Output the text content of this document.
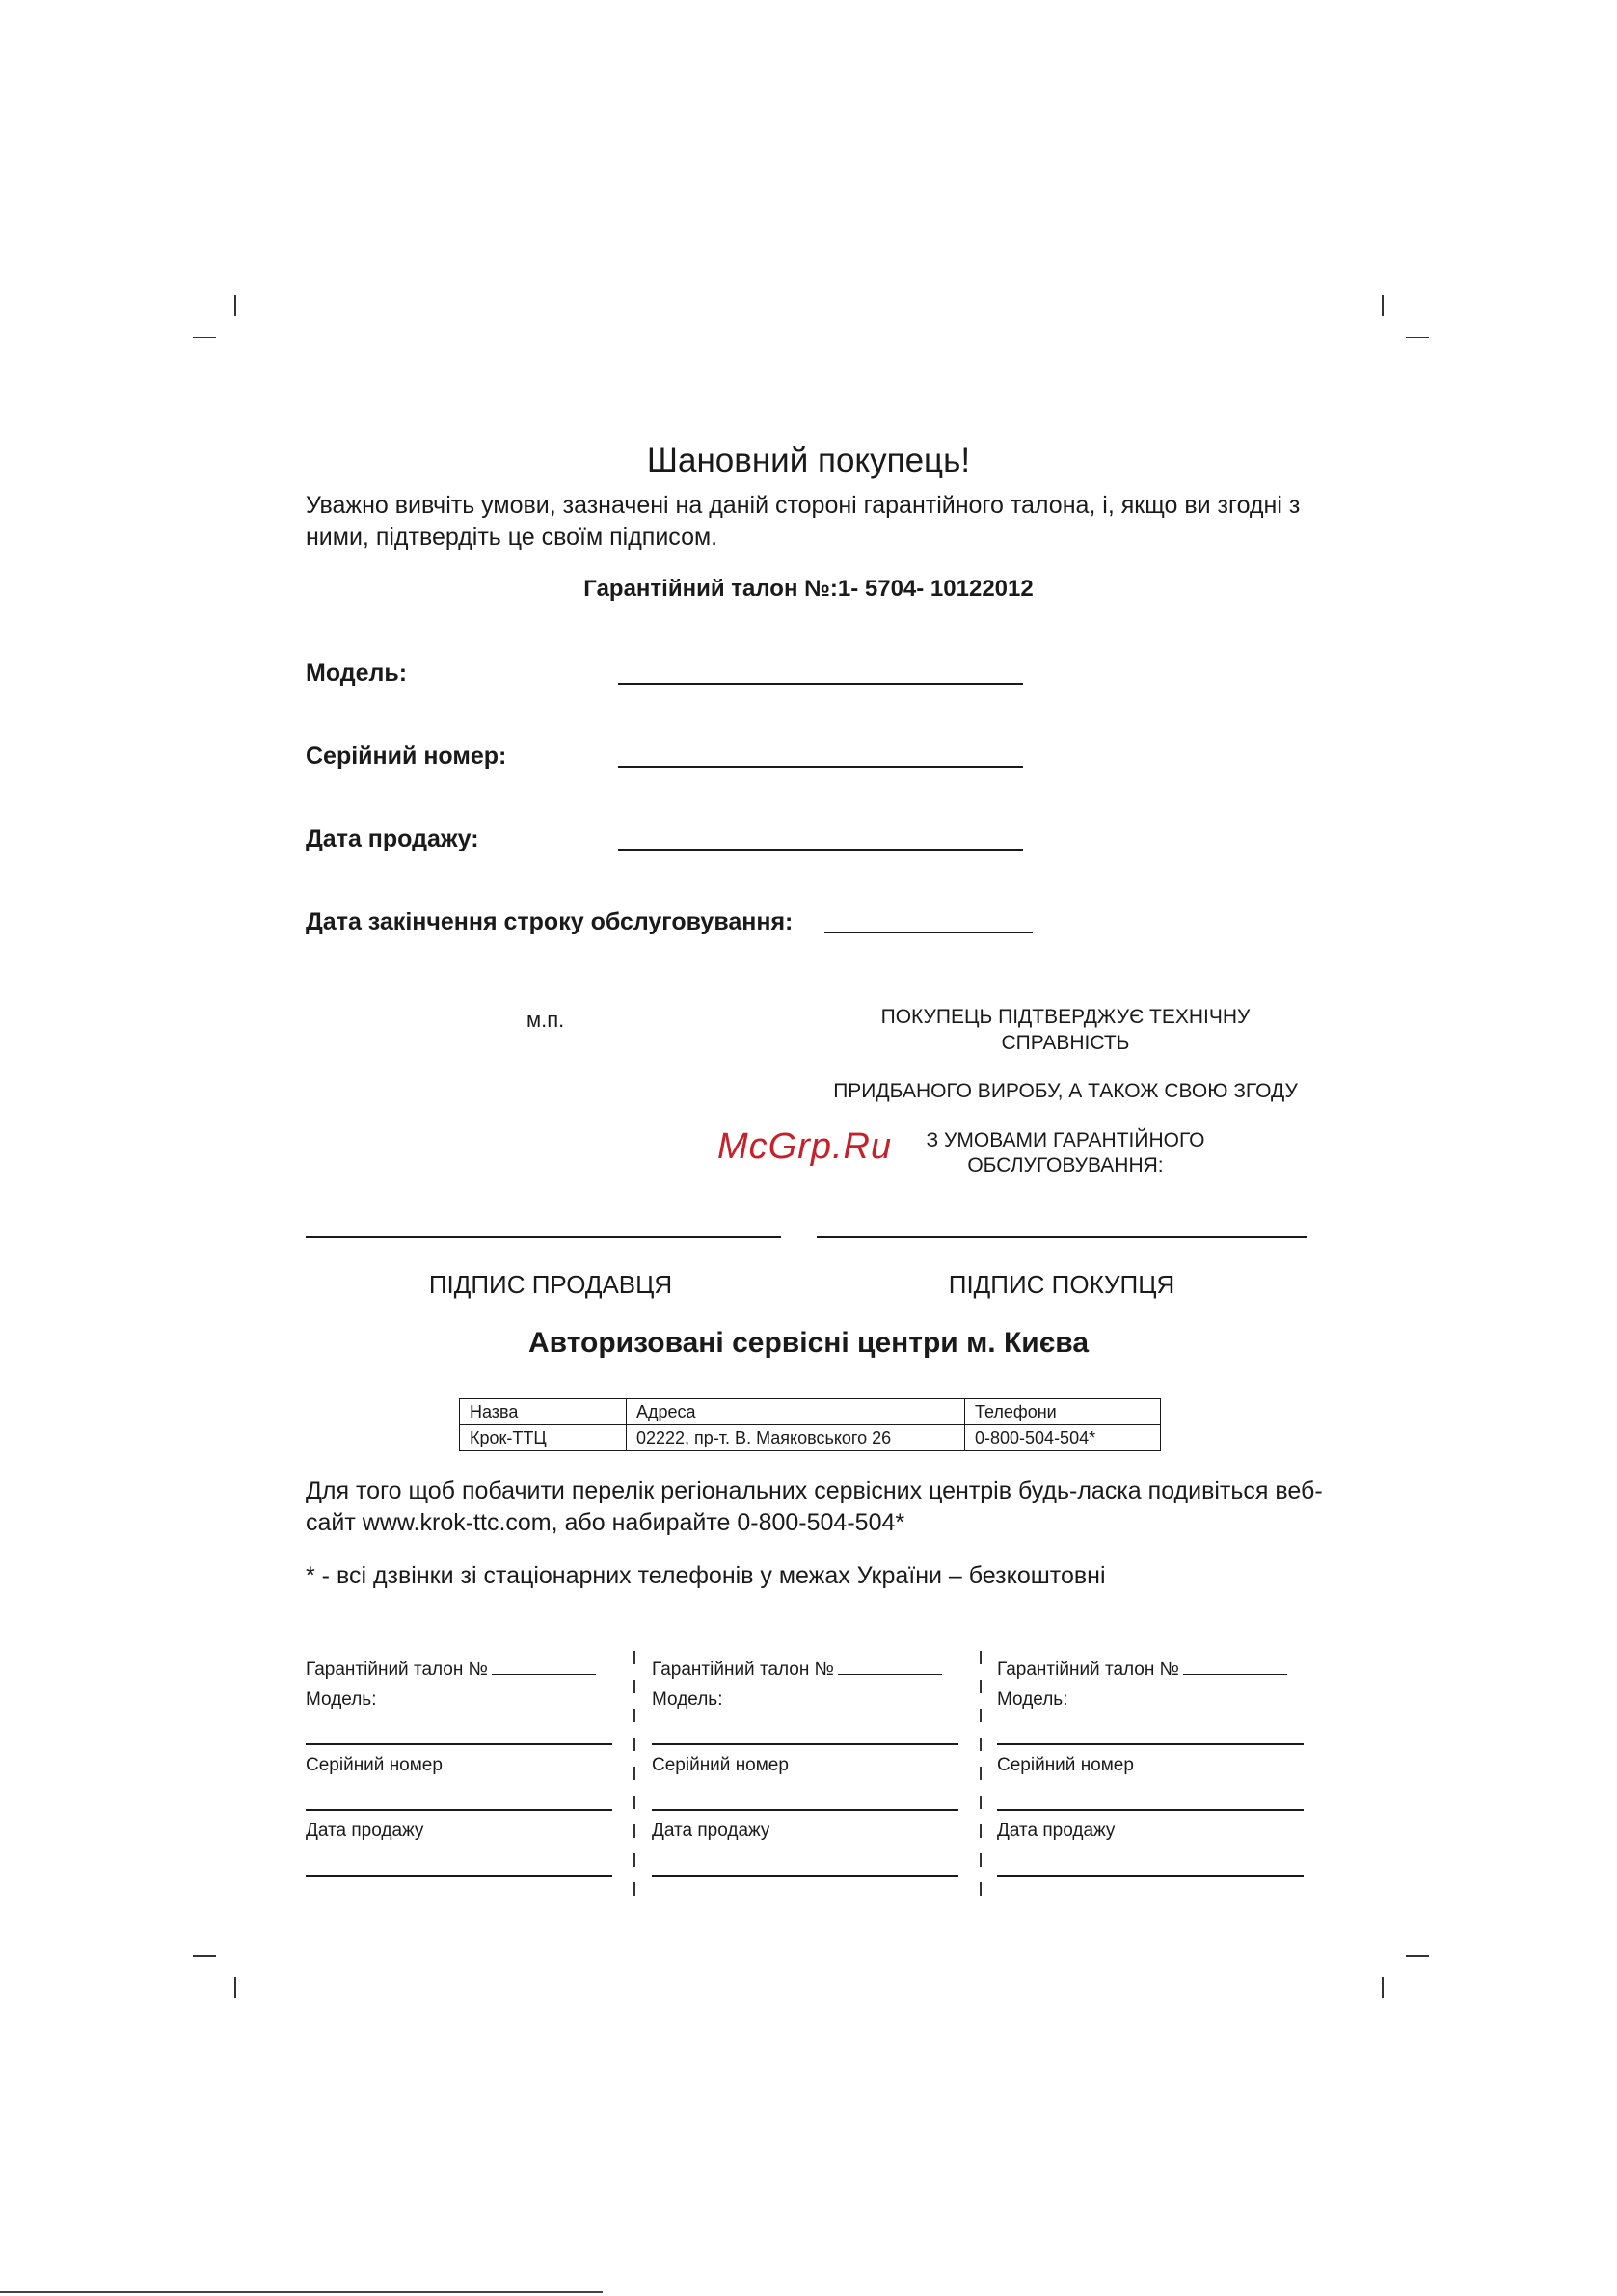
Шановний покупець!
Уважно вивчіть умови, зазначені на даній стороні гарантійного талона, і, якщо ви згодні з ними, підтвердіть це своїм підписом.
Гарантійний талон №:1- 5704- 10122012
Модель:
Серійний номер:
Дата продажу:
Дата закінчення строку обслуговування:
м.п.	ПОКУПЕЦЬ ПІДТВЕРДЖУЄ ТЕХНІЧНУ
СПРАВНІСТЬ
ПРИДБАНОГО ВИРОБУ, А ТАКОЖ СВОЮ ЗГОДУ
З УМОВАМИ ГАРАНТІЙНОГО
ОБСЛУГОВУВАННЯ:
McGrp.Ru
ПІДПИС ПРОДАВЦЯ	ПІДПИС ПОКУПЦЯ
Авторизовані сервісні центри м. Києва
Назва	Адреса	Телефони
Крок-ТТЦ	02222, пр-т. В. Маяковського 26	0-800-504-504*
Для того щоб побачити перелік регіональних сервісних центрів будь-ласка подивіться веб-сайт www.krok-ttc.com, або набирайте 0-800-504-504*
* - всі дзвінки зі стаціонарних телефонів у межах України – безкоштовні
Гарантійний талон №
Модель:
Серійний номер
Дата продажу
Гарантійний талон №
Модель:
Серійний номер
Дата продажу
Гарантійний талон №
Модель:
Серійний номер
Дата продажу
